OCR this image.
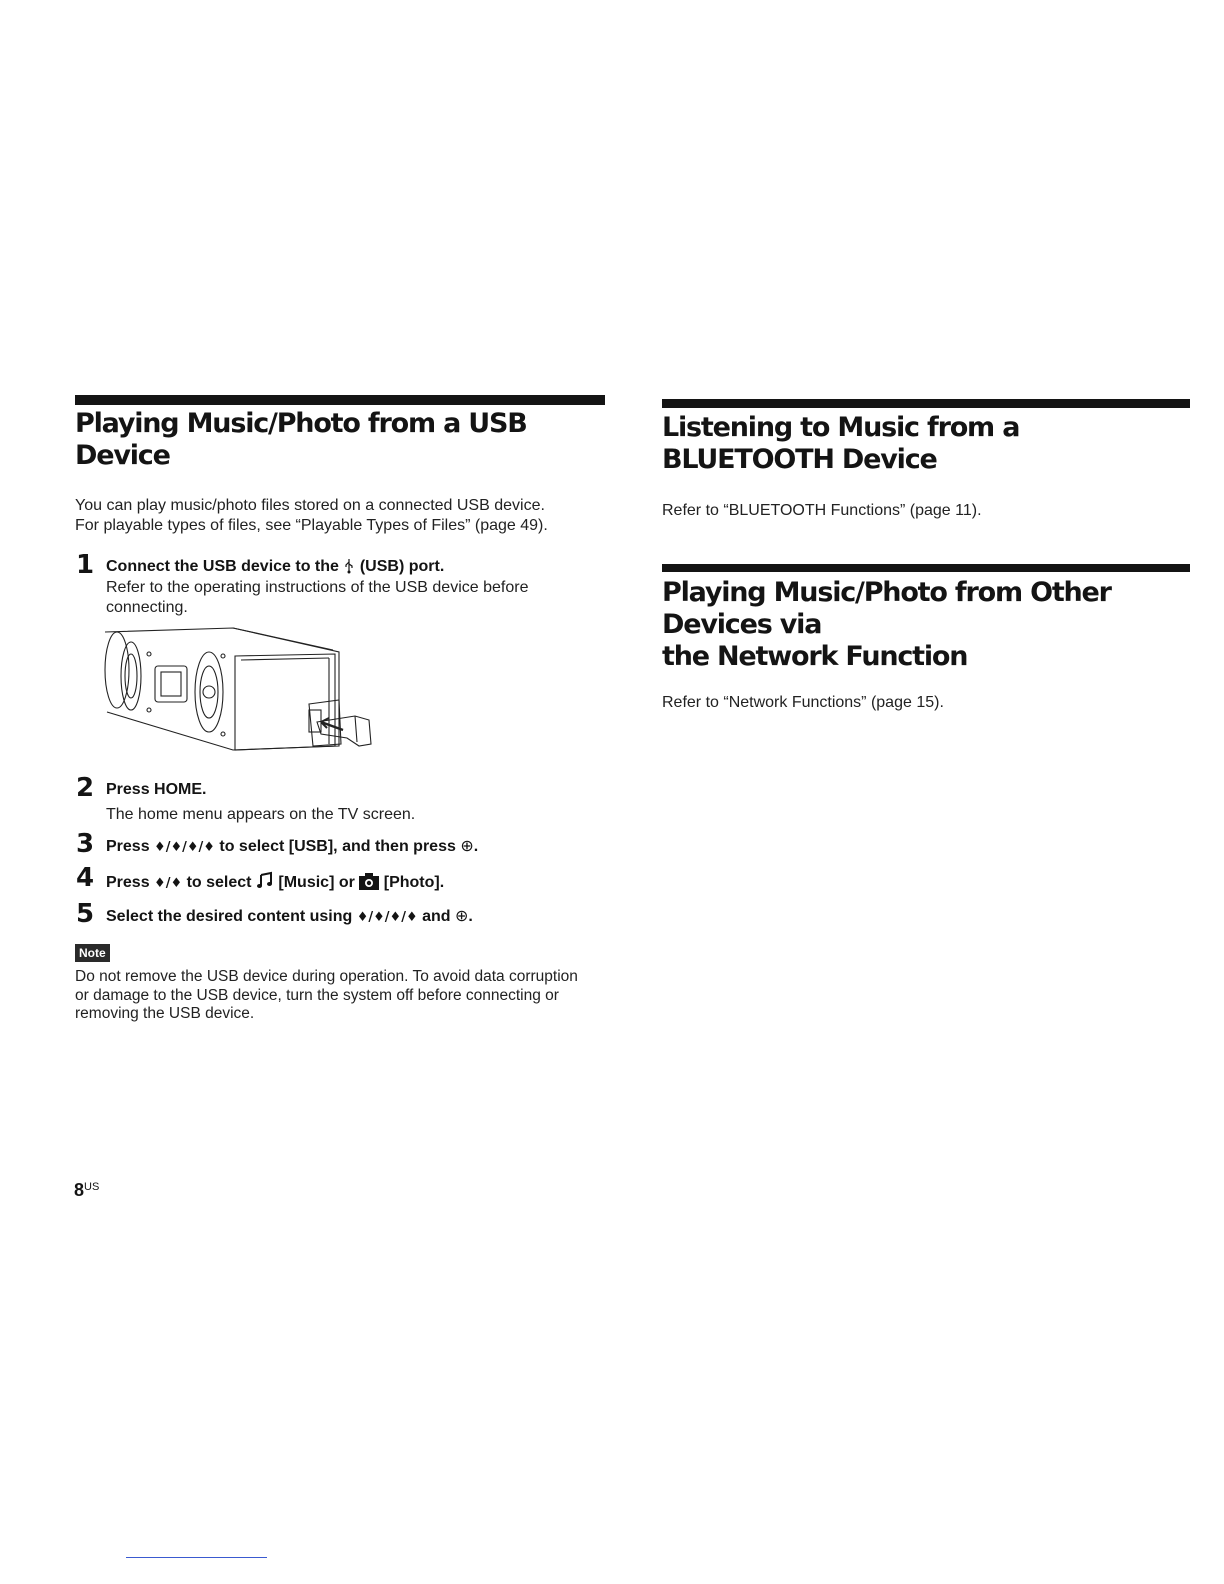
Playing Music/Photo from a USB Device

You can play music/photo files stored on a connected USB device.

For playable types of files, see “Playable Types of Files” (page 49).

1 Connect the USB device to the (USB) port.

Refer to the operating instructions of the USB device before

connecting.

2 Press HOME.

The home menu appears on the TV screen.

3 Press ♦/♦/♦/♦ to select [USB], and then press ⊕.

4 Press ♦/♦ to select [Music] or [Photo].

5 Select the desired content using ♦/♦/♦/♦ and ⊕.

Note

Do not remove the USB device during operation. To avoid data corruption

or damage to the USB device, turn the system off before connecting or

removing the USB device.

Listening to Music from a BLUETOOTH Device

Refer to “BLUETOOTH Functions” (page 11).

Playing Music/Photo from Other Devices via
the Network Function

Refer to “Network Functions” (page 15).

$8^{US}$
